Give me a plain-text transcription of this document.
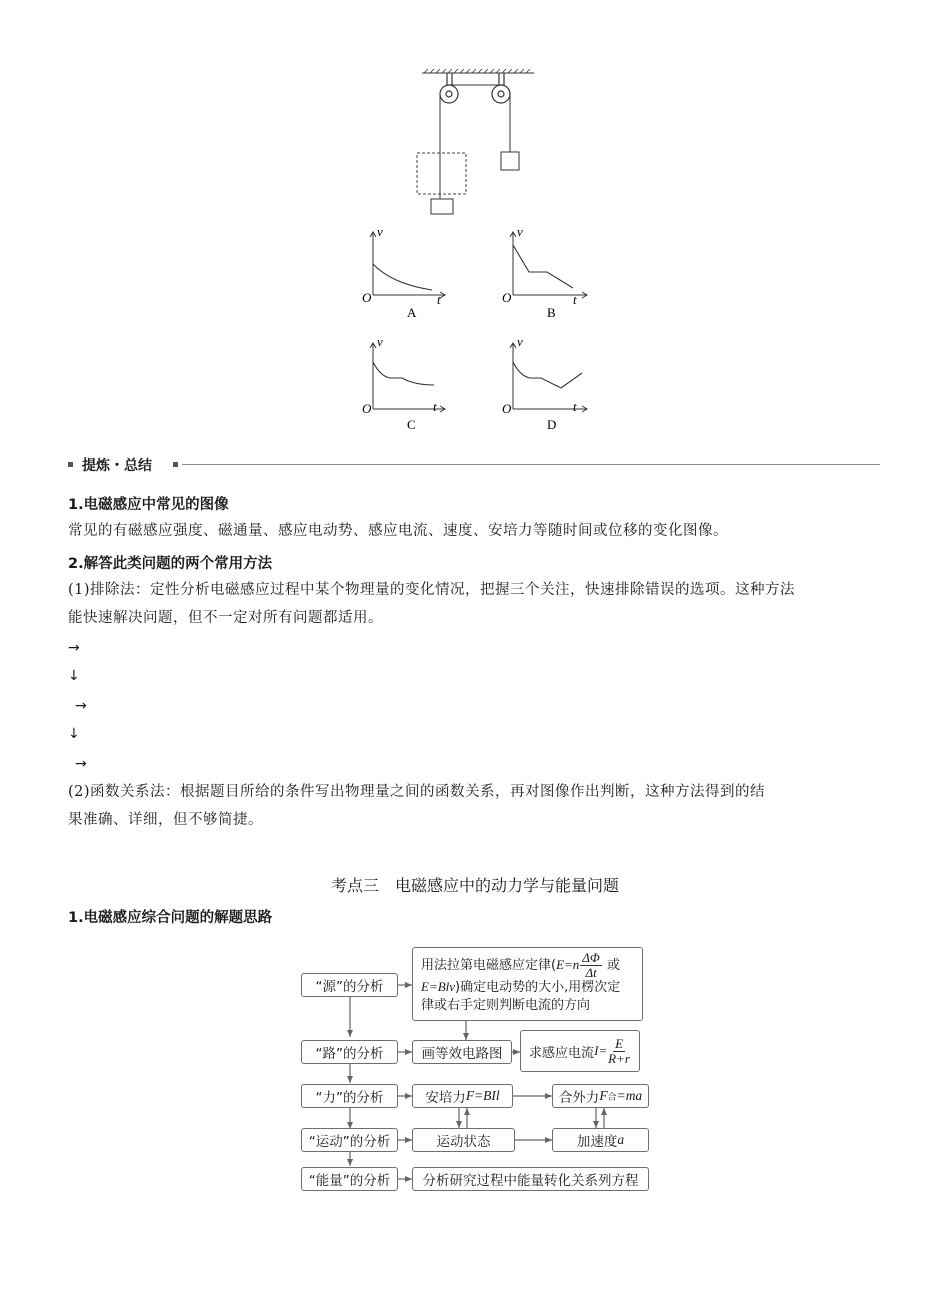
v
t
O
A
v
t
O
B
v
t
O
C
v
t
O
D
提炼・总结
1.电磁感应中常见的图像
常见的有磁感应强度、磁通量、感应电动势、感应电流、速度、安培力等随时间或位移的变化图像。
2.解答此类问题的两个常用方法
(1)排除法：定性分析电磁感应过程中某个物理量的变化情况，把握三个关注，快速排除错误的选项。这种方法
能快速解决问题，但不一定对所有问题都适用。
→
↓
→
↓
→
(2)函数关系法：根据题目所给的条件写出物理量之间的函数关系，再对图像作出判断，这种方法得到的结
果准确、详细，但不够简捷。
考点三　电磁感应中的动力学与能量问题
1.电磁感应综合问题的解题思路
“源”的分析
“路”的分析
“力”的分析
“运动”的分析
“能量”的分析
用法拉第电磁感应定律($E=n \frac{\Delta\Phi}{\Delta t}$ 或
E=Blv)确定电动势的大小,用楞次定
律或右手定则判断电流的方向
画等效电路图	求感应电流 $I= \frac{E}{R+r}$
安培力 F=BIl	合外力 F 合 =ma
运动状态	加速度 a
分析研究过程中能量转化关系列方程
